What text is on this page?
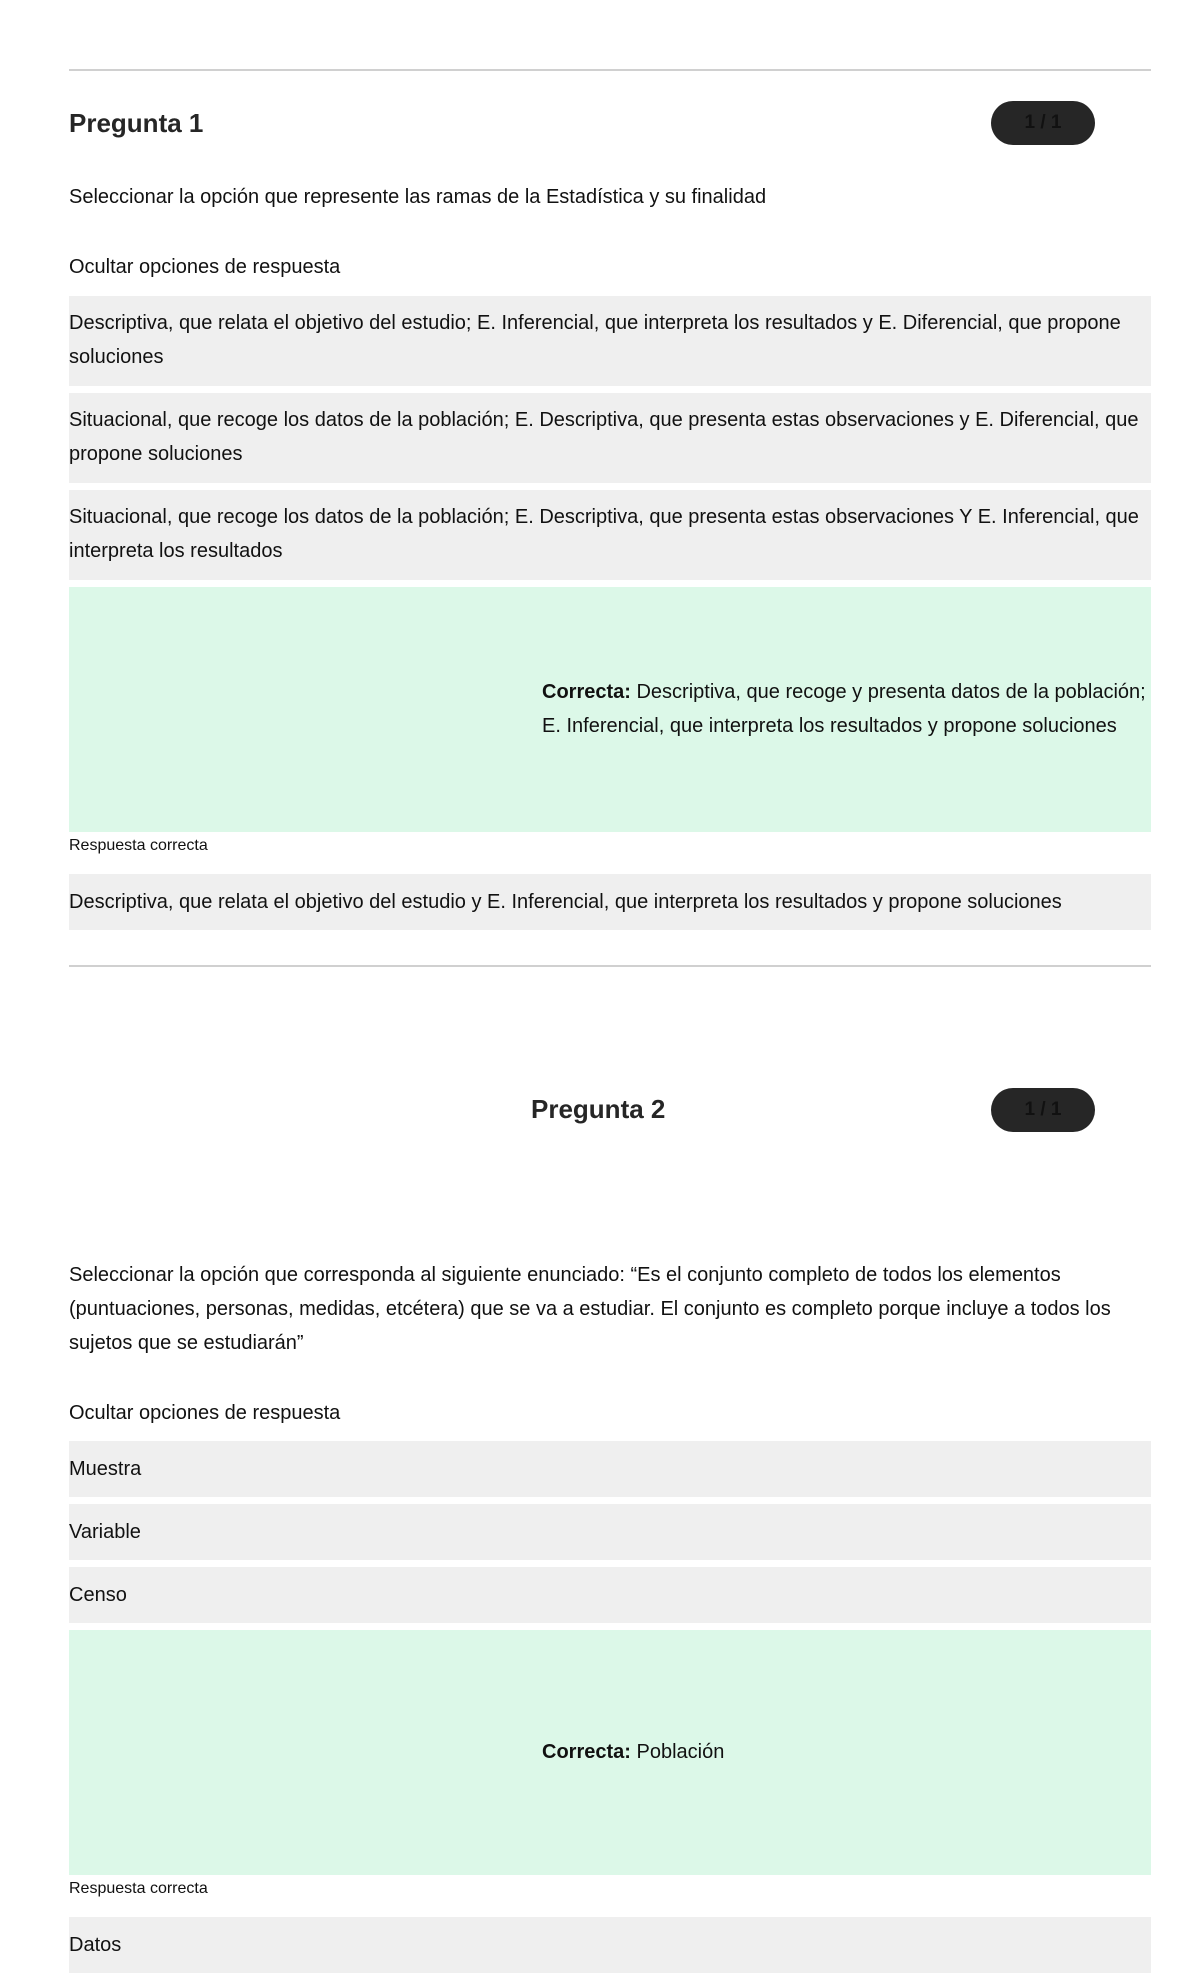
Pregunta 1	1 / 1

Seleccionar la opción que represente las ramas de la Estadística y su finalidad

Ocultar opciones de respuesta
Descriptiva, que relata el objetivo del estudio; E. Inferencial, que interpreta los resultados y E. Diferencial, que propone
soluciones
Situacional, que recoge los datos de la población; E. Descriptiva, que presenta estas observaciones y E. Diferencial, que
propone soluciones
Situacional, que recoge los datos de la población; E. Descriptiva, que presenta estas observaciones Y E. Inferencial, que
interpreta los resultados
Correcta: Descriptiva, que recoge y presenta datos de la población;
E. Inferencial, que interpreta los resultados y propone soluciones
Respuesta correcta
Descriptiva, que relata el objetivo del estudio y E. Inferencial, que interpreta los resultados y propone soluciones
Pregunta 2	1 / 1
Seleccionar la opción que corresponda al siguiente enunciado: “Es el conjunto completo de todos los elementos
(puntuaciones, personas, medidas, etcétera) que se va a estudiar. El conjunto es completo porque incluye a todos los
sujetos que se estudiarán”
Ocultar opciones de respuesta
Muestra
Variable
Censo
Correcta: Población
Respuesta correcta
Datos
